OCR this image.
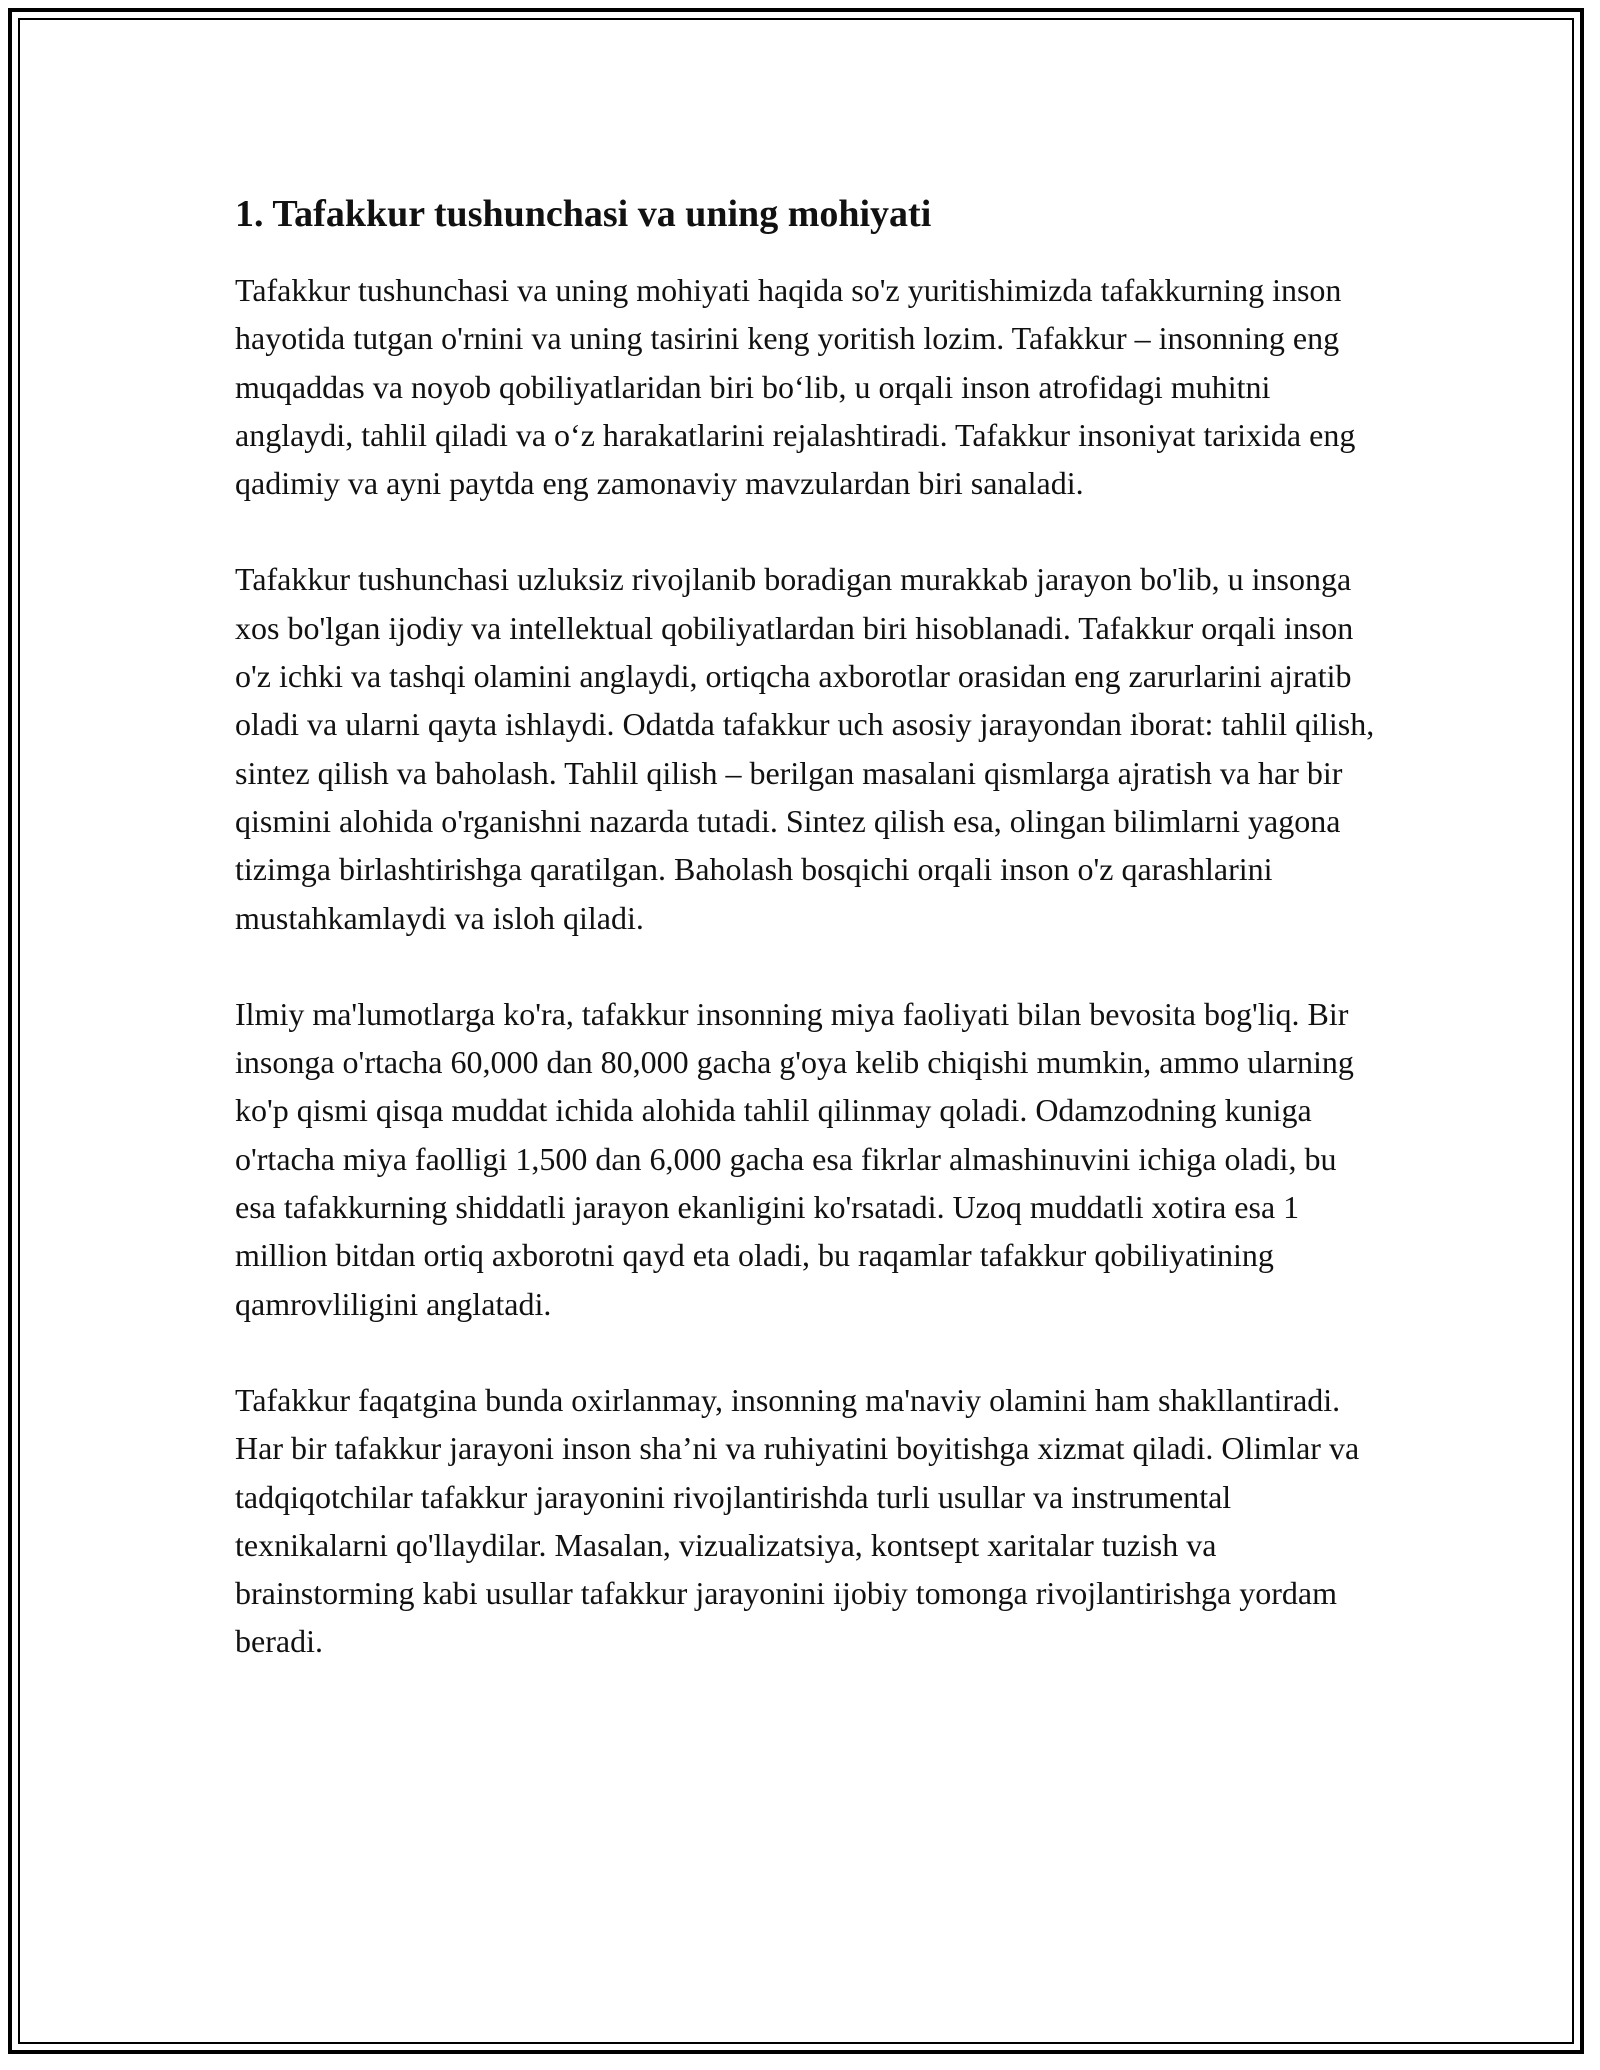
1. Tafakkur tushunchasi va uning mohiyati

Tafakkur tushunchasi va uning mohiyati haqida so'z yuritishimizda tafakkurning inson hayotida tutgan o'rnini va uning tasirini keng yoritish lozim. Tafakkur – insonning eng muqaddas va noyob qobiliyatlaridan biri bo‘lib, u orqali inson atrofidagi muhitni anglaydi, tahlil qiladi va o‘z harakatlarini rejalashtiradi. Tafakkur insoniyat tarixida eng qadimiy va ayni paytda eng zamonaviy mavzulardan biri sanaladi.

Tafakkur tushunchasi uzluksiz rivojlanib boradigan murakkab jarayon bo'lib, u insonga xos bo'lgan ijodiy va intellektual qobiliyatlardan biri hisoblanadi. Tafakkur orqali inson o'z ichki va tashqi olamini anglaydi, ortiqcha axborotlar orasidan eng zarurlarini ajratib oladi va ularni qayta ishlaydi. Odatda tafakkur uch asosiy jarayondan iborat: tahlil qilish, sintez qilish va baholash. Tahlil qilish – berilgan masalani qismlarga ajratish va har bir qismini alohida o'rganishni nazarda tutadi. Sintez qilish esa, olingan bilimlarni yagona tizimga birlashtirishga qaratilgan. Baholash bosqichi orqali inson o'z qarashlarini mustahkamlaydi va isloh qiladi.

Ilmiy ma'lumotlarga ko'ra, tafakkur insonning miya faoliyati bilan bevosita bog'liq. Bir insonga o'rtacha 60,000 dan 80,000 gacha g'oya kelib chiqishi mumkin, ammo ularning ko'p qismi qisqa muddat ichida alohida tahlil qilinmay qoladi. Odamzodning kuniga o'rtacha miya faolligi 1,500 dan 6,000 gacha esa fikrlar almashinuvini ichiga oladi, bu esa tafakkurning shiddatli jarayon ekanligini ko'rsatadi. Uzoq muddatli xotira esa 1 million bitdan ortiq axborotni qayd eta oladi, bu raqamlar tafakkur qobiliyatining qamrovliligini anglatadi.

Tafakkur faqatgina bunda oxirlanmay, insonning ma'naviy olamini ham shakllantiradi. Har bir tafakkur jarayoni inson sha’ni va ruhiyatini boyitishga xizmat qiladi. Olimlar va tadqiqotchilar tafakkur jarayonini rivojlantirishda turli usullar va instrumental texnikalarni qo'llaydilar. Masalan, vizualizatsiya, kontsept xaritalar tuzish va brainstorming kabi usullar tafakkur jarayonini ijobiy tomonga rivojlantirishga yordam beradi.
